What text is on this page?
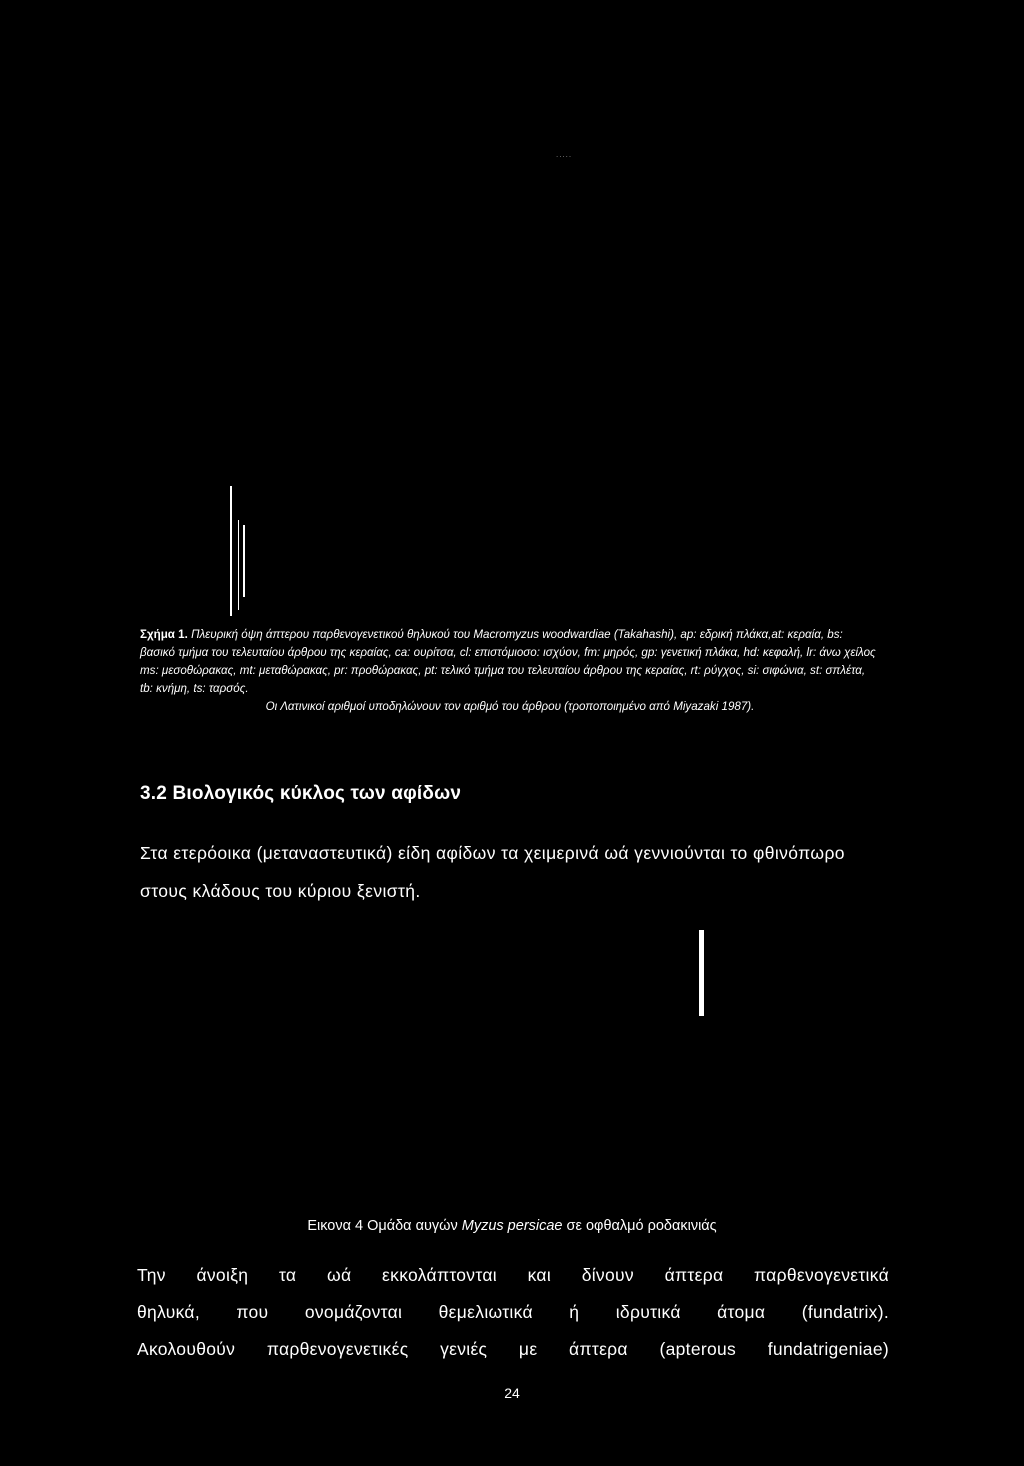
.....
Σχήμα 1. Πλευρική όψη άπτερου παρθενογενετικού θηλυκού του Macromyzus woodwardiae (Takahashi), ap: εδρική πλάκα,at: κεραία, bs: βασικό τμήμα του τελευταίου άρθρου της κεραίας, ca: ουρίτσα, cl: επιστόμιοσο: ισχύον, fm: μηρός, gp: γενετική πλάκα, hd: κεφαλή, lr: άνω χείλος ms: μεσοθώρακας, mt: μεταθώρακας, pr: προθώρακας, pt: τελικό τμήμα του τελευταίου άρθρου της κεραίας, rt: ρύγχος, si: σιφώνια, st: σπλέτα, tb: κνήμη, ts: ταρσός.
Οι Λατινικοί αριθμοί υποδηλώνουν τον αριθμό του άρθρου (τροποποιημένο από Miyazaki 1987).
3.2 Βιολογικός κύκλος των αφίδων
Στα ετερόοικα (μεταναστευτικά) είδη αφίδων τα χειμερινά ωά γεννιούνται το φθινόπωρο στους κλάδους του κύριου ξενιστή.
Εικονα 4 Ομάδα αυγών Myzus persicae σε οφθαλμό ροδακινιάς
Την άνοιξη τα ωά εκκολάπτονται και δίνουν άπτερα παρθενογενετικά
θηλυκά, που ονομάζονται θεμελιωτικά ή ιδρυτικά άτομα (fundatrix).
Ακολουθούν παρθενογενετικές γενιές με άπτερα (apterous fundatrigeniae)
24
